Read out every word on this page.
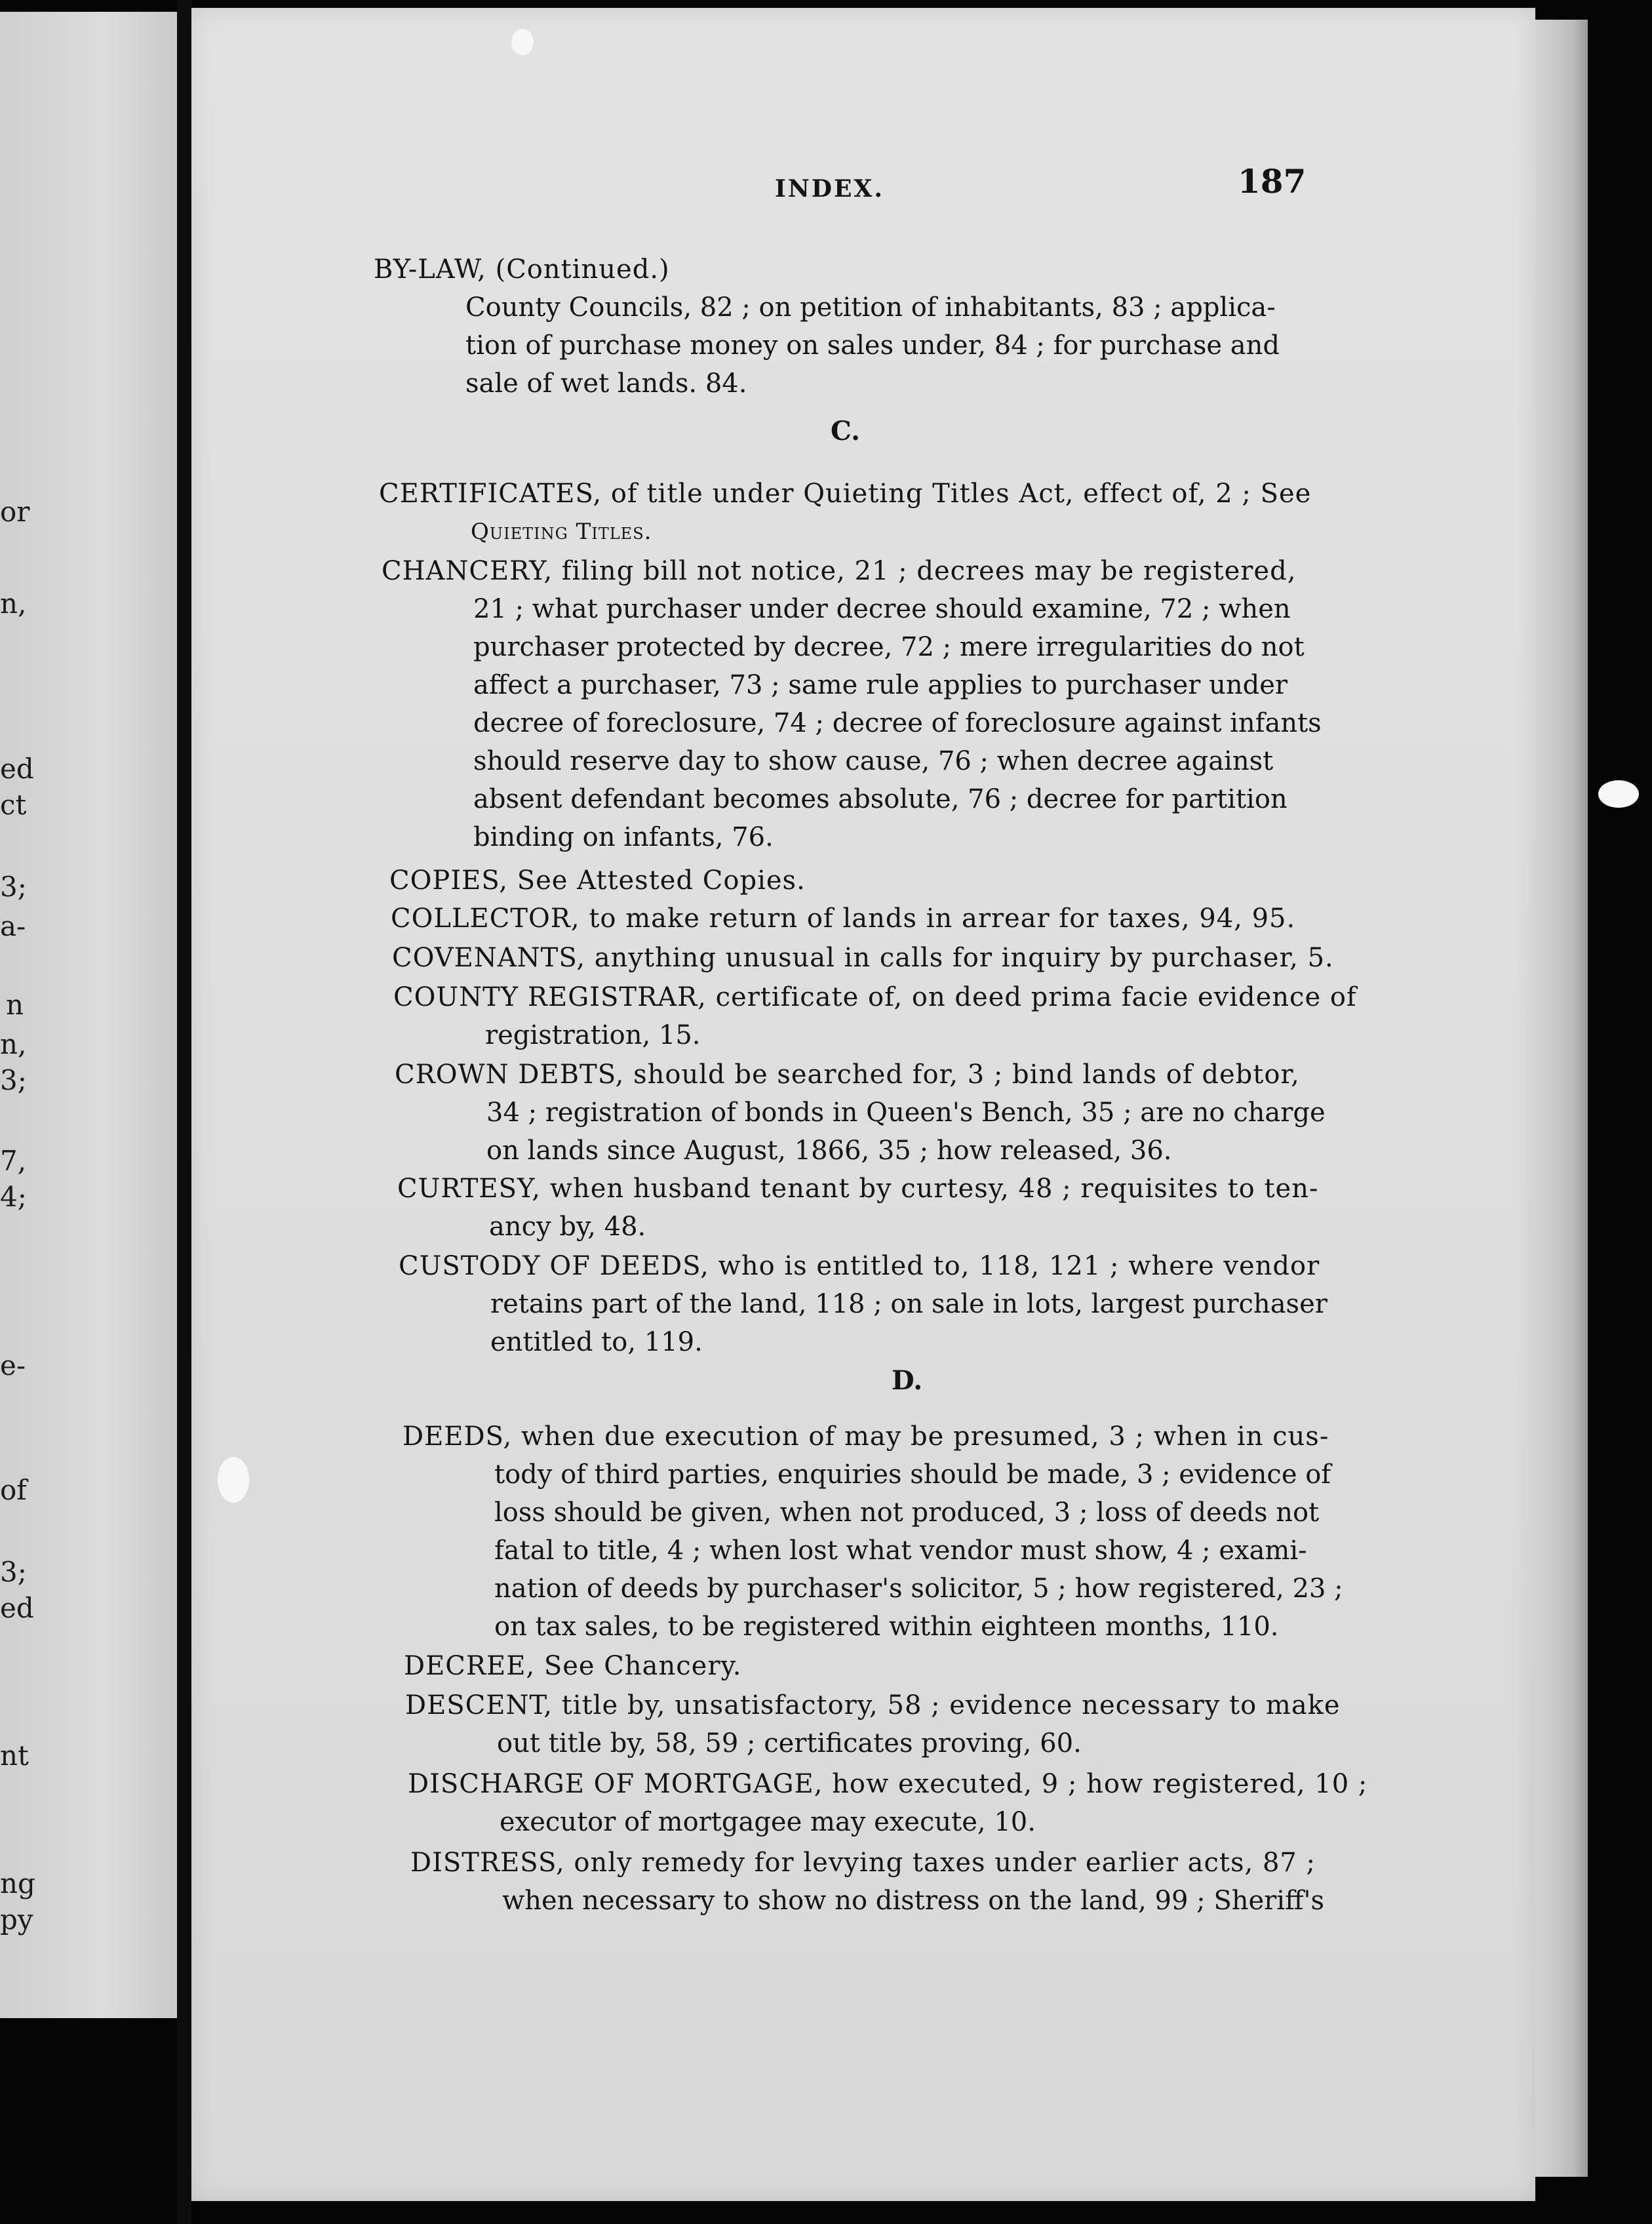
or
n,
ed
ct
3;
a-
n
n,
3;
7,
4;
e-
of
3;
ed
nt
ng
py
INDEX.	187
BY-LAW, (Continued.)
County Councils, 82 ; on petition of inhabitants, 83 ; applica-
tion of purchase money on sales under, 84 ; for purchase and
sale of wet lands. 84.
C.
CERTIFICATES, of title under Quieting Titles Act, effect of, 2 ; See
Quieting Titles.
CHANCERY, filing bill not notice, 21 ; decrees may be registered,
21 ; what purchaser under decree should examine, 72 ; when
purchaser protected by decree, 72 ; mere irregularities do not
affect a purchaser, 73 ; same rule applies to purchaser under
decree of foreclosure, 74 ; decree of foreclosure against infants
should reserve day to show cause, 76 ; when decree against
absent defendant becomes absolute, 76 ; decree for partition
binding on infants, 76.
COPIES, See Attested Copies.
COLLECTOR, to make return of lands in arrear for taxes, 94, 95.
COVENANTS, anything unusual in calls for inquiry by purchaser, 5.
COUNTY REGISTRAR, certificate of, on deed prima facie evidence of
registration, 15.
CROWN DEBTS, should be searched for, 3 ; bind lands of debtor,
34 ; registration of bonds in Queen's Bench, 35 ; are no charge
on lands since August, 1866, 35 ; how released, 36.
CURTESY, when husband tenant by curtesy, 48 ; requisites to ten-
ancy by, 48.
CUSTODY OF DEEDS, who is entitled to, 118, 121 ; where vendor
retains part of the land, 118 ; on sale in lots, largest purchaser
entitled to, 119.
D.
DEEDS, when due execution of may be presumed, 3 ; when in cus-
tody of third parties, enquiries should be made, 3 ; evidence of
loss should be given, when not produced, 3 ; loss of deeds not
fatal to title, 4 ; when lost what vendor must show, 4 ; exami-
nation of deeds by purchaser's solicitor, 5 ; how registered, 23 ;
on tax sales, to be registered within eighteen months, 110.
DECREE, See Chancery.
DESCENT, title by, unsatisfactory, 58 ; evidence necessary to make
out title by, 58, 59 ; certificates proving, 60.
DISCHARGE OF MORTGAGE, how executed, 9 ; how registered, 10 ;
executor of mortgagee may execute, 10.
DISTRESS, only remedy for levying taxes under earlier acts, 87 ;
when necessary to show no distress on the land, 99 ; Sheriff's
